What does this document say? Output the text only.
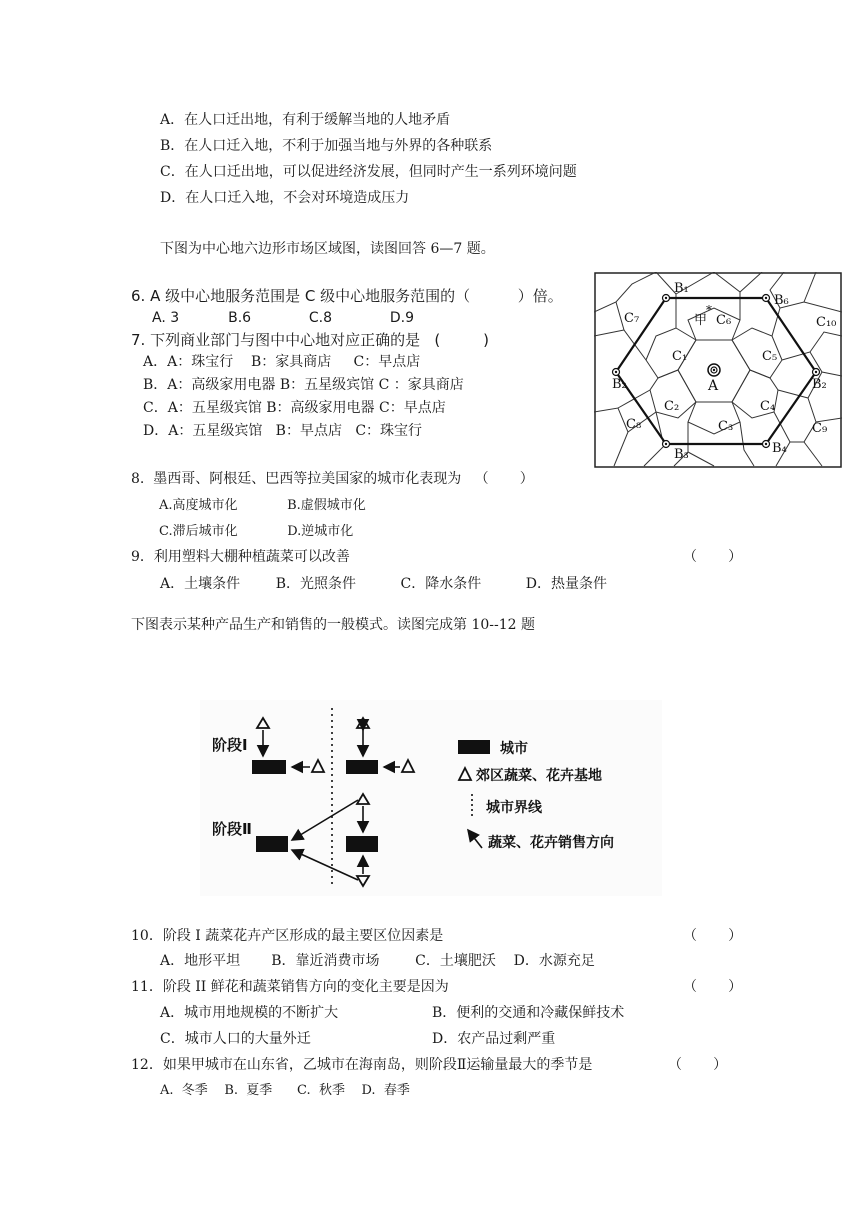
A．在人口迁出地，有利于缓解当地的人地矛盾
B．在人口迁入地，不利于加强当地与外界的各种联系
C．在人口迁出地，可以促进经济发展，但同时产生一系列环境问题
D．在人口迁入地，不会对环境造成压力
下图为中心地六边形市场区域图，读图回答 6—7 题。
6. A 级中心地服务范围是 C 级中心地服务范围的（          ）倍。
A. 3           B.6             C.8             D.9
7. 下列商业部门与图中中心地对应正确的是   (         )
A．A：珠宝行    B：家具商店     C：早点店
B．A：高级家用电器 B：五星级宾馆 C ：家具商店
C．A：五星级宾馆 B：高级家用电器 C：早点店
D．A：五星级宾馆   B：早点店   C：珠宝行
A
B₁
B₆
B₂	B₂
B₃	B₄
C₇	C₆	C₁₀
C₁	C₅
C₂	C₄
C₈	C₃	C₉
甲
*
8.  墨西哥、阿根廷、巴西等拉美国家的城市化表现为   （       ）
A.高度城市化            B.虚假城市化
C.滞后城市化            D.逆城市化
9．利用塑料大棚种植蔬菜可以改善	（       ）
A．土壤条件        B．光照条件          C．降水条件          D．热量条件
下图表示某种产品生产和销售的一般模式。读图完成第 10--12 题
阶段Ⅰ
阶段Ⅱ
城市
郊区蔬菜、花卉基地
城市界线
蔬菜、花卉销售方向
10．阶段 I 蔬菜花卉产区形成的最主要区位因素是	（       ）
A．地形平坦       B．靠近消费市场        C．土壤肥沃    D．水源充足
11．阶段 II 鲜花和蔬菜销售方向的变化主要是因为	（       ）
A．城市用地规模的不断扩大	B．便利的交通和冷藏保鲜技术
C．城市人口的大量外迁	D．农产品过剩严重
12．如果甲城市在山东省，乙城市在海南岛，则阶段Ⅱ运输量最大的季节是	（       ）
A.  冬季    B.  夏季      C.  秋季    D.  春季
